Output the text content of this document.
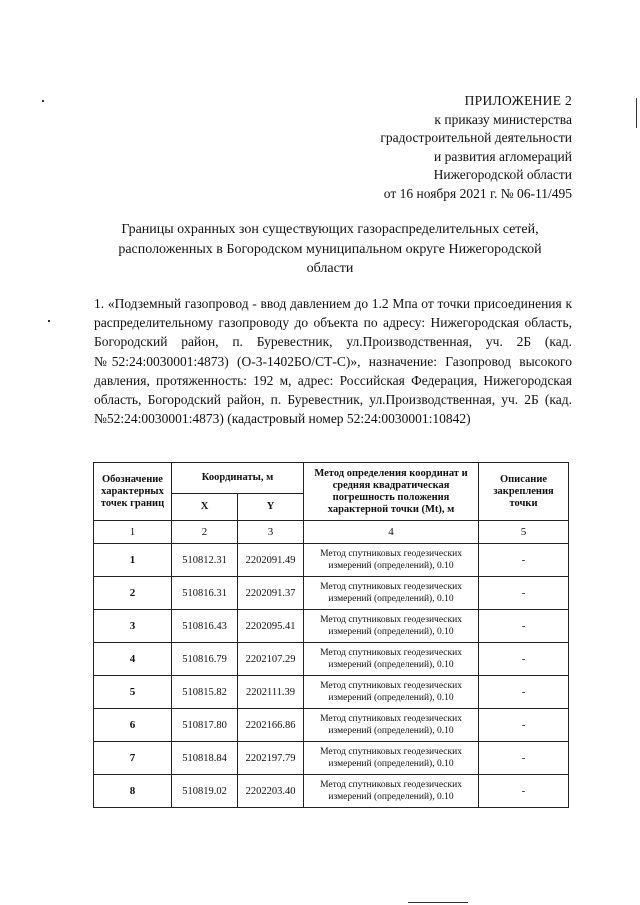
ПРИЛОЖЕНИЕ 2
к приказу министерства
градостроительной деятельности
и развития агломераций
Нижегородской области
от 16 ноября 2021 г. № 06-11/495
Границы охранных зон существующих газораспределительных сетей,
расположенных в Богородском муниципальном округе Нижегородской
области

1. «Подземный газопровод - ввод давлением до 1.2 Мпа от точки присоединения к распределительному газопроводу до объекта по адресу: Нижегородская область, Богородский район, п. Буревестник, ул.Производственная, уч. 2Б (кад. №52:24:0030001:4873) (О-3-1402БО/СТ-С)», назначение: Газопровод высокого давления, протяженность: 192 м, адрес: Российская Федерация, Нижегородская область, Богородский район, п. Буревестник, ул.Производственная, уч. 2Б (кад. №52:24:0030001:4873) (кадастровый номер 52:24:0030001:10842)

Обозначение характерных точек границ	Координаты, м		Метод определения координат и средняя квадратическая погрешность положения характерной точки (Мt), м	Описание закрепления точки
	X	Y		
1	2	3	4	5
1	510812.31	2202091.49	Метод спутниковых геодезических измерений (определений), 0.10	-
2	510816.31	2202091.37	Метод спутниковых геодезических измерений (определений), 0.10	-
3	510816.43	2202095.41	Метод спутниковых геодезических измерений (определений), 0.10	-
4	510816.79	2202107.29	Метод спутниковых геодезических измерений (определений), 0.10	-
5	510815.82	2202111.39	Метод спутниковых геодезических измерений (определений), 0.10	-
6	510817.80	2202166.86	Метод спутниковых геодезических измерений (определений), 0.10	-
7	510818.84	2202197.79	Метод спутниковых геодезических измерений (определений), 0.10	-
8	510819.02	2202203.40	Метод спутниковых геодезических измерений (определений), 0.10	-
